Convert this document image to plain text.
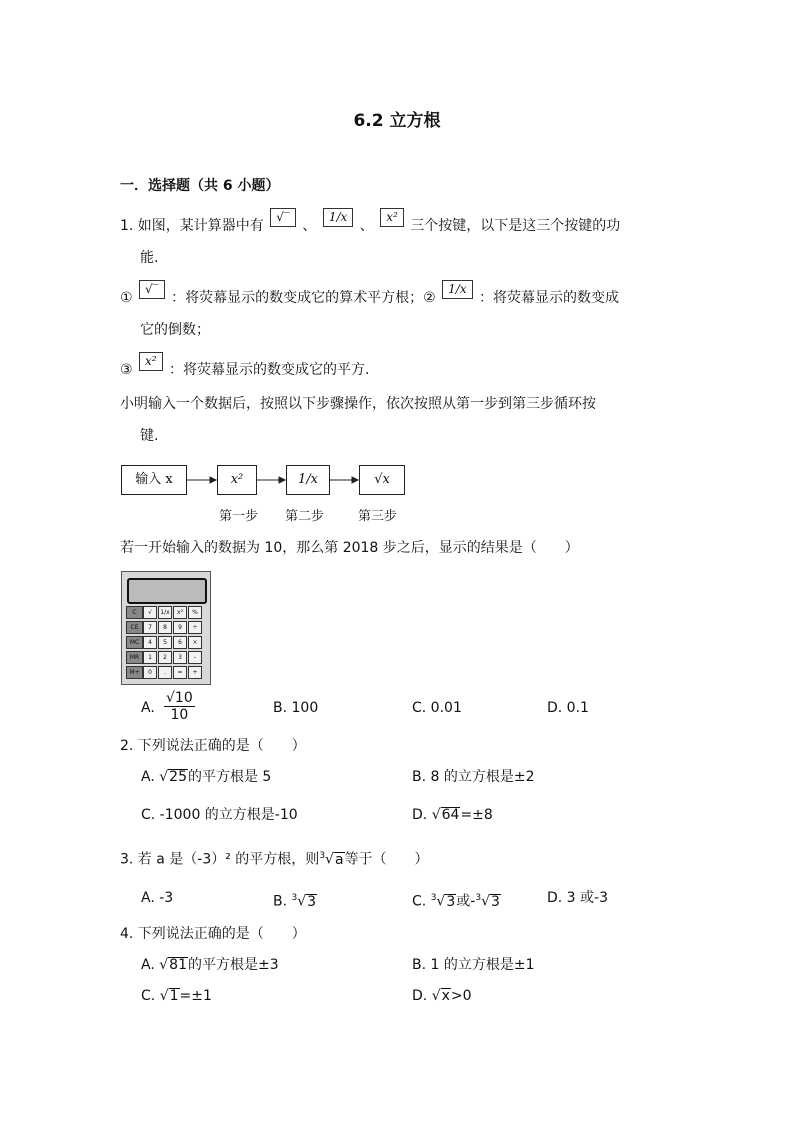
6.2 立方根
一．选择题（共 6 小题）
1. 如图，某计算器中有 √‾ 、 1/x 、 x² 三个按键，以下是这三个按键的功
能.
① √‾ ：将荧幕显示的数变成它的算术平方根；② 1/x ：将荧幕显示的数变成
它的倒数；
③ x² ：将荧幕显示的数变成它的平方.
小明输入一个数据后，按照以下步骤操作，依次按照从第一步到第三步循环按
键.
输入 x	x²	1/x	√x
第一步 第二步	第三步
若一开始输入的数据为 10，那么第 2018 步之后，显示的结果是（　　）
C	√	1/x	x²	%
CE	7	8	9	÷
MC	4	5	6	×
MR	1	2	3	-
M+	0	.	=	+
A. $\frac{√10}{10}$	B. 100	C. 0.01	D. 0.1
2. 下列说法正确的是（　　）
A. √25的平方根是 5	B. 8 的立方根是±2
C. -1000 的立方根是-10	D. √64=±8
3. 若 a 是（-3）² 的平方根，则$^3$√a等于（　　）
A. -3	B. $^3$√3	C. $^3$√3或-$^3$√3	D. 3 或-3
4. 下列说法正确的是（　　）
A. √81的平方根是±3	B. 1 的立方根是±1
C. √1=±1	D. √x>0
